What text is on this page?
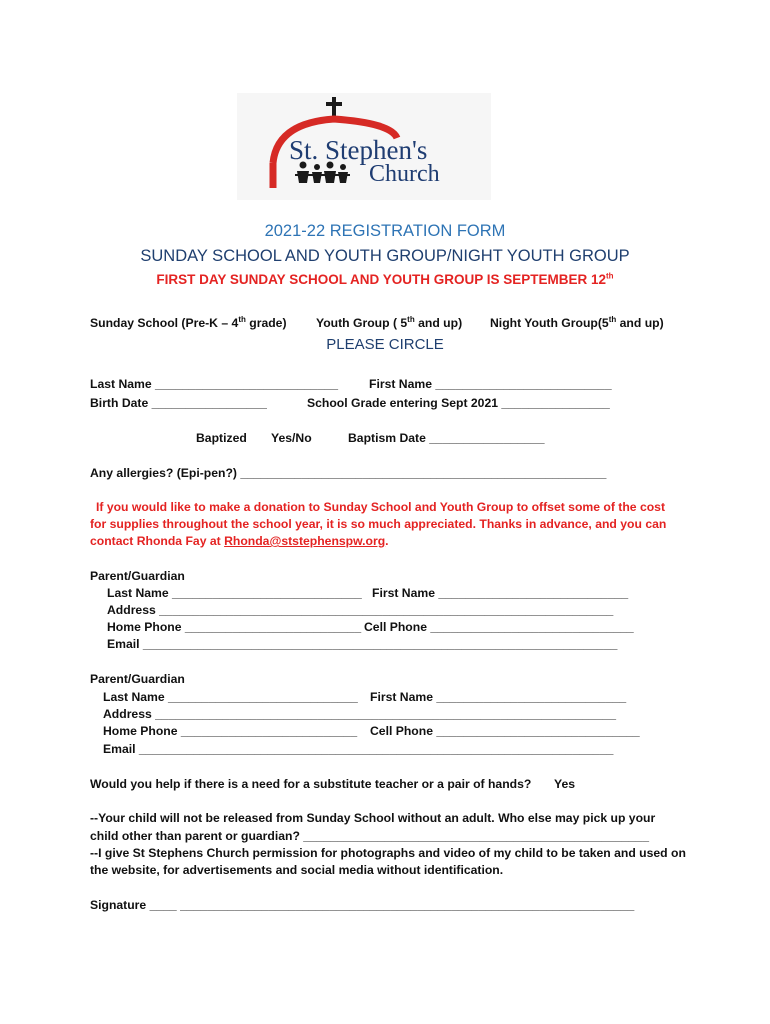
St. Stephen's
Church
2021-22 REGISTRATION FORM
SUNDAY SCHOOL AND YOUTH GROUP/NIGHT YOUTH GROUP
FIRST DAY SUNDAY SCHOOL AND YOUTH GROUP IS SEPTEMBER 12th
Sunday School (Pre-K – 4th grade) Youth Group ( 5th and up) Night Youth Group(5th and up)
PLEASE CIRCLE
Last Name ___________________________	First Name __________________________
Birth Date _________________	School Grade entering Sept 2021 ________________
Baptized Yes/No	Baptism Date _________________
Any allergies? (Epi-pen?) ______________________________________________________
If you would like to make a donation to Sunday School and Youth Group to offset some of the cost
for supplies throughout the school year, it is so much appreciated. Thanks in advance, and you can
contact Rhonda Fay at Rhonda@ststephenspw.org.
Parent/Guardian
Last Name ____________________________ First Name ____________________________
Address ___________________________________________________________________
Home Phone __________________________ Cell Phone ______________________________
Email ______________________________________________________________________
Parent/Guardian
Last Name ____________________________ First Name ____________________________
Address ____________________________________________________________________
Home Phone __________________________ Cell Phone ______________________________
Email ______________________________________________________________________
Would you help if there is a need for a substitute teacher or a pair of hands? Yes
--Your child will not be released from Sunday School without an adult. Who else may pick up your
child other than parent or guardian? ___________________________________________________
--I give St Stephens Church permission for photographs and video of my child to be taken and used on
the website, for advertisements and social media without identification.
Signature ____ ___________________________________________________________________
